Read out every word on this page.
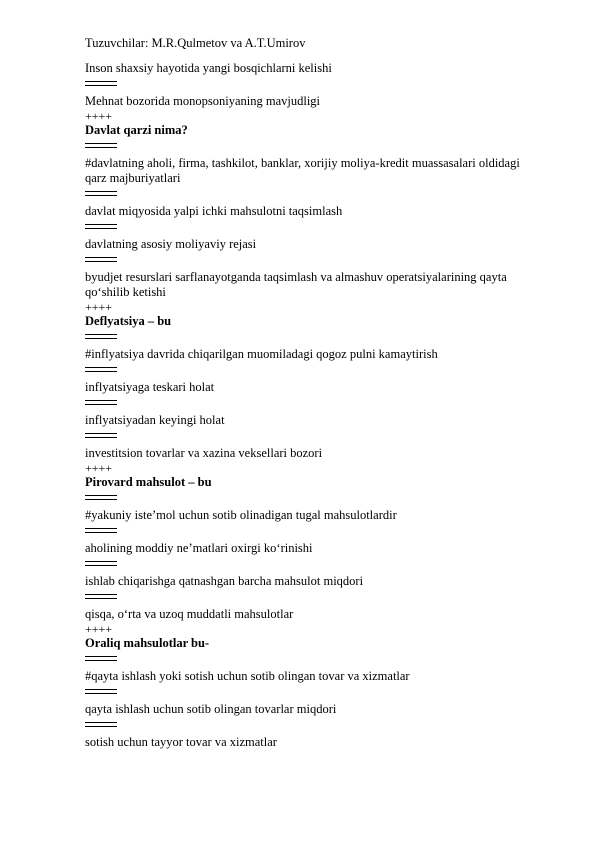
Tuzuvchilar: M.R.Qulmetov va A.T.Umirov

Inson shaxsiy hayotida yangi bosqichlarni kelishi

Mehnat bozorida monopsoniyaning mavjudligi

++++

Davlat qarzi nima?

#davlatning aholi, firma, tashkilot, banklar, xorijiy moliya-kredit muassasalari oldidagi qarz majburiyatlari

davlat miqyosida yalpi ichki mahsulotni taqsimlash

davlatning asosiy moliyaviy rejasi

byudjet resurslari sarflanayotganda taqsimlash va almashuv operatsiyalarining qayta qo‘shilib ketishi

++++

Deflyatsiya – bu

#inflyatsiya davrida chiqarilgan muomiladagi qogoz pulni kamaytirish

inflyatsiyaga teskari holat

inflyatsiyadan keyingi holat

investitsion tovarlar va xazina veksellari bozori

++++

Pirovard mahsulot – bu

#yakuniy iste’mol uchun sotib olinadigan tugal mahsulotlardir

aholining moddiy ne’matlari oxirgi ko‘rinishi

ishlab chiqarishga qatnashgan barcha mahsulot miqdori

qisqa, o‘rta va uzoq muddatli mahsulotlar

++++

Oraliq mahsulotlar bu-

#qayta ishlash yoki sotish uchun sotib olingan tovar va xizmatlar

qayta ishlash uchun sotib olingan tovarlar miqdori

sotish uchun tayyor tovar va xizmatlar
